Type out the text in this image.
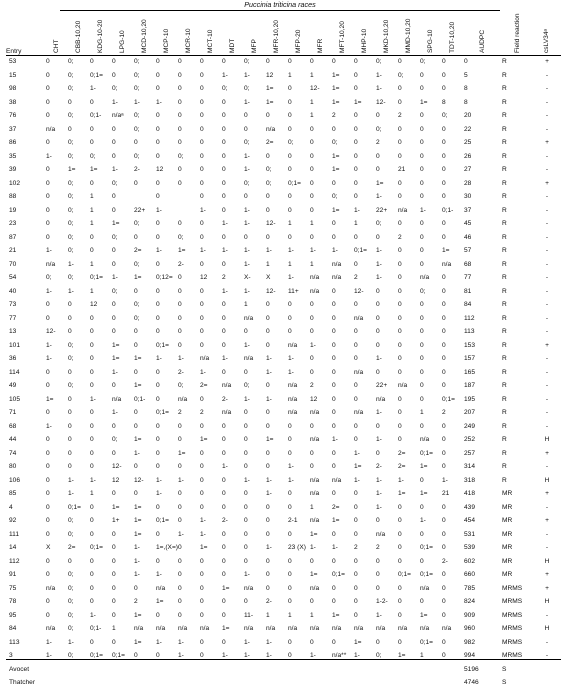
Puccinia triticina races
Entry	CHT	CBB-10,20	KDG-10-20	LPG-10	MCD-10,20	MCP-10	MCR-10	MCT-10	MDT	MFP	MFR-10,20	MFP-20	MFR	MFT-10,20	MHP-10	MKD-10,20	MMD-10,20	SPG-10	TDT-10,20	AUDPC	Field reaction	csLV34ᵃ

53	0	0;	0	0	0;	0	0	0	0	0;	0	0	0	0	0	0;	0	0;	0	0	R	+
15	0	0;	0;1=	0	0;	0	0	0	1-	1-	12	1	1	1=	0	1-	0;	0	0	5	R	-
98	0	0;	1-	0;	0;	0	0	0	0;	0;	1=	0	12-	1=	0	1-	0	0	0	8	R	-
38	0	0	0	1-	1-	1-	0	0	0	1-	1=	0	1	1=	1=	12-	0	1=	8	8	R	-
76	0	0;	0;1-	n/aᵃ	0;	0	0	0	0	0	0	0	1	2	0	0	2	0	0;	20	R	-
37	n/a	0	0	0	0;	0	0	0	0	0	n/a	0	0	0	0	0;	0	0	0	22	R	-
86	0	0;	0	0	0	0	0	0	0	0;	2=	0;	0	0;	0	2	0	0	0	25	R	+
35	1-	0;	0;	0	0;	0	0;	0	0	1-	0	0	0	1=	0	0	0	0	0	26	R	-
39	0	1=	1=	1-	2-	12	0	0	0	1-	0;	0	0	1=	0	0	21	0	0	27	R	-
102	0	0;	0	0;	0	0	0	0	0	0;	0;	0;1=	0	0	0	1=	0	0	0	28	R	+
88	0	0;	1	0		0		0	0	0	0	0	0	0;	0	1-	0	0	0	30	R	-
19	0	0;	1	0	22+	1-		1-	0	1-	0	0	0	1=	1-	22+	n/a	1-	0;1-	37	R	-
23	0	0;	1	1=	0;	0	0	0	1-	1-	12-	1	1	0	1	0;	0	0	0	45	R	-
87	0	0;	0	0;	0	0	0;	0	0	0	0	0	0	0	0	0	2	0	0	46	R	-
21	1-	0;	0	0	2=	1-	1=	1-	1-	1-	1-	1-	1-	1-	0;1=	1-	0	0	1=	57	R	-
70	n/a	1-	1	0	0;	0	2-	0	0	1-	1	1	1	n/a	0	1-	0	0	n/a	68	R	-
54	0;	0;	0;1=	1-	1=	0;12=	0	12	2	X-	X	1-	n/a	n/a	2	1-	0	n/a	0	77	R	-
40	1-	1-	1	0;	0	0	0	0	1-	1-	12-	11+	n/a	0	12-	0	0	0;	0	81	R	-
73	0	0	12	0	0;	0	0	0	0	1	0	0	0	0	0	0	0	0	0	84	R	-
77	0	0	0	0	0;	0	0	0	0	n/a	0	0	0	0	n/a	0	0	0	0	112	R	-
13	12-	0	0	0	0	0	0	0	0	0	0	0	0	0	0	0	0	0	0	113	R	-
101	1-	0;	0	1=	0	0;1=	0	0	0	1-	0	n/a	1-	0	0	0	0	0	0	153	R	+
36	1-	0;	0	1=	1=	1-	1-	n/a	1-	n/a	1-	1-	0	0	0	1-	0	0	0	157	R	-
114	0	0	0	1-	0	0	2-	1-	0	0	1-	1-	0	0	n/a	0	0	0	0	165	R	-
49	0	0;	0	0	1=	0	0;	2=	n/a	0;	0	n/a	2	0	0	22+	n/a	0	0	187	R	-
105	1=	0	1-	n/a	0;1-	0	n/a	0	2-	1-	1-	n/a	12	0	0	n/a	0	0	0;1=	195	R	-
71	0	0	0	1-	0	0;1=	2	2	n/a	0	0	n/a	n/a	0	n/a	1-	0	1	2	207	R	-
68	1-	0	0	0	0	0	0	0	0	0	0	0	0	0	0	0	0	0	0	249	R	-
44	0	0	0	0;	1=	0	0	1=	0	0	1=	0	n/a	1-	0	1-	0	n/a	0	252	R	H
74	0	0	0	0	1-	0	1=	0	0	0	0	0	0	0	1-	0	2=	0;1=	0	257	R	+
80	0	0	0	12-	0	0	0	0	1-	0	0	1-	0	0	1=	2-	2=	1=	0	314	R	-
106	0	1-	1-	12	12-	1-	1-	0	0	1-	1-	1-	n/a	n/a	1-	1-	1-	0	1-	318	R	H
85	0	1-	1	0	0	1-	0	0	0	0	1-	0	n/a	0	0	1-	1=	1=	21	418	MR	+
4	0	0;1=	0	1=	1=	0	0	0	0	0	0	0	1	2=	0	1-	0	0	0	439	MR	-
92	0	0;	0	1+	1=	0;1=	0	1-	2-	0	0	2-1	n/a	1=	0	0	0	1-	0	454	MR	+
111	0	0;	0	0	1=	0	1-	1-	0	0	0	0	1=	0	0	n/a	0	0	0	531	MR	-
14	X	2=	0;1=	0	1-	1=,(X=)	0	1=	0	0	1-	23 (X)	1-	1-	2	2	0	0;1=	0	539	MR	-
112	0	0	0	0	1-	0	0	0	0	0	0	0	0	0	0	0	0	0	2-	602	MR	H
91	0	0;	0	0	1-	1-	0	0	0	1-	0	0	1=	0;1=	0	0	0;1=	0;1=	0	660	MR	+
75	n/a	0;	0	0	0	n/a	0	0	1=	n/a	0	0	n/a	0	0	0	0	n/a	0	785	MRMS	+
78	0	0;	0	0	2	1=	0	0	0	0	2-	0	0	0	0	1-2-	0	0	0	824	MRMS	H
95	0	0;	1-	0	1=	0	0	0	0	11-	1	1	1	1=	0	1-	0	1=	0	909	MRMS	-
84	n/a	0;	0;1-	1	n/a	n/a	n/a	n/a	1=	n/a	n/a	n/a	n/a	n/a	n/a	n/a	n/a	n/a	n/a	960	MRMS	H
113	1-	1-	0	0	1=	1-	1-	0	0	1-	1-	0	0	0	1=	0	0	0;1=	0	982	MRMS	-
3	1-	0;	0;1=	0;1=	0	0	1-	0	1-	1-	1-	0	1-	n/a**	1-	0;	1=	1	0	994	MRMS	-
Avocet																				5196	S	
Thatcher																				4746	S	
